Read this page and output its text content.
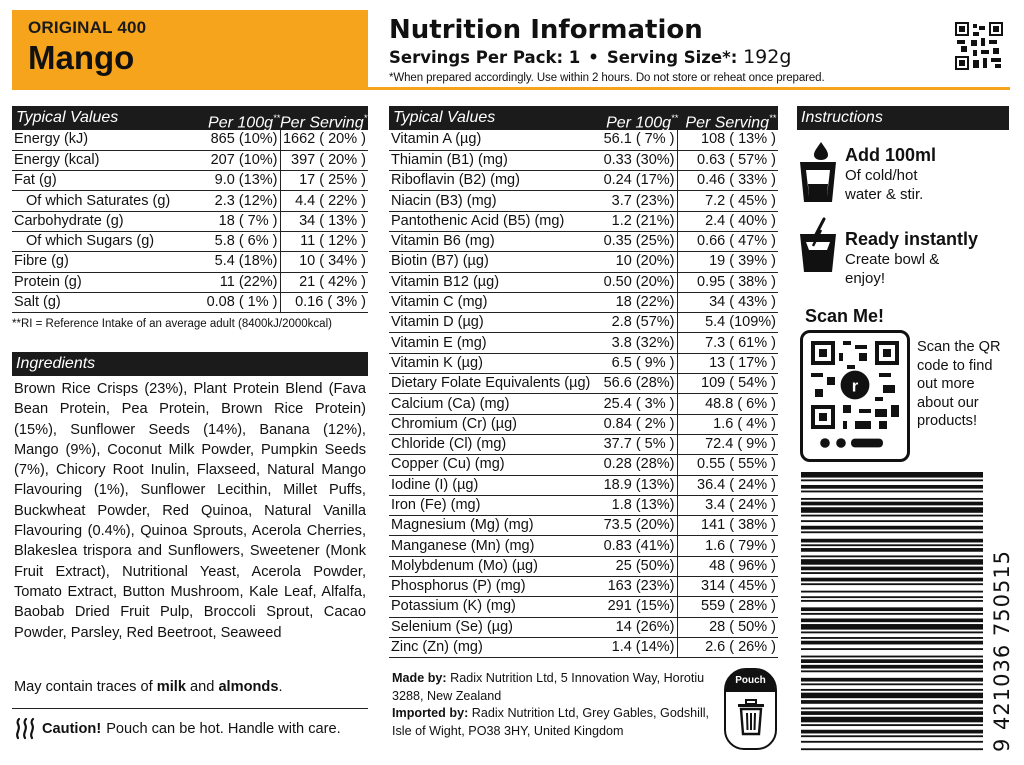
ORIGINAL 400
Mango
Nutrition Information
Servings Per Pack: 1 • Serving Size*: 192g
*When prepared accordingly. Use within 2 hours. Do not store or reheat once prepared.
Typical Values	Per 100g** Per Serving**
Energy (kJ)	865 (10%)	1662 ( 20% )
Energy (kcal)	207 (10%)	397 ( 20% )
Fat (g)	9.0 (13%)	17 ( 25% )
Of which Saturates (g)	2.3 (12%)	4.4 ( 22% )
Carbohydrate (g)	18 ( 7% )	34 ( 13% )
Of which Sugars (g)	5.8 ( 6% )	11 ( 12% )
Fibre (g)	5.4 (18%)	10 ( 34% )
Protein (g)	11 (22%)	21 ( 42% )
Salt (g)	0.08 ( 1% )	0.16 ( 3% )
**RI = Reference Intake of an average adult (8400kJ/2000kcal)
Ingredients
Brown Rice Crisps (23%), Plant Protein Blend (Fava Bean Protein, Pea Protein, Brown Rice Protein) (15%), Sunflower Seeds (14%), Banana (12%), Mango (9%), Coconut Milk Powder, Pumpkin Seeds (7%), Chicory Root Inulin, Flaxseed, Natural Mango Flavouring (1%), Sunflower Lecithin, Millet Puffs, Buckwheat Powder, Red Quinoa, Natural Vanilla Flavouring (0.4%), Quinoa Sprouts, Acerola Cherries, Blakeslea trispora and Sunflowers, Sweetener (Monk Fruit Extract), Nutritional Yeast, Acerola Powder, Tomato Extract, Button Mushroom, Kale Leaf, Alfalfa, Baobab Dried Fruit Pulp, Broccoli Sprout, Cacao Powder, Parsley, Red Beetroot, Seaweed
May contain traces of milk and almonds.
Caution! Pouch can be hot. Handle with care.
Typical Values	Per 100g** Per Serving**
Vitamin A (µg)	56.1 ( 7% )	108 ( 13% )
Thiamin (B1) (mg)	0.33 (30%)	0.63 ( 57% )
Riboflavin (B2) (mg)	0.24 (17%)	0.46 ( 33% )
Niacin (B3) (mg)	3.7 (23%)	7.2 ( 45% )
Pantothenic Acid (B5) (mg)	1.2 (21%)	2.4 ( 40% )
Vitamin B6 (mg)	0.35 (25%)	0.66 ( 47% )
Biotin (B7) (µg)	10 (20%)	19 ( 39% )
Vitamin B12 (µg)	0.50 (20%)	0.95 ( 38% )
Vitamin C (mg)	18 (22%)	34 ( 43% )
Vitamin D (µg)	2.8 (57%)	5.4 (109%)
Vitamin E (mg)	3.8 (32%)	7.3 ( 61% )
Vitamin K (µg)	6.5 ( 9% )	13 ( 17% )
Dietary Folate Equivalents (µg)	56.6 (28%)	109 ( 54% )
Calcium (Ca) (mg)	25.4 ( 3% )	48.8 ( 6% )
Chromium (Cr) (µg)	0.84 ( 2% )	1.6 ( 4% )
Chloride (Cl) (mg)	37.7 ( 5% )	72.4 ( 9% )
Copper (Cu) (mg)	0.28 (28%)	0.55 ( 55% )
Iodine (I) (µg)	18.9 (13%)	36.4 ( 24% )
Iron (Fe) (mg)	1.8 (13%)	3.4 ( 24% )
Magnesium (Mg) (mg)	73.5 (20%)	141 ( 38% )
Manganese (Mn) (mg)	0.83 (41%)	1.6 ( 79% )
Molybdenum (Mo) (µg)	25 (50%)	48 ( 96% )
Phosphorus (P) (mg)	163 (23%)	314 ( 45% )
Potassium (K) (mg)	291 (15%)	559 ( 28% )
Selenium (Se) (µg)	14 (26%)	28 ( 50% )
Zinc (Zn) (mg)	1.4 (14%)	2.6 ( 26% )
Made by: Radix Nutrition Ltd, 5 Innovation Way, Horotiu 3288, New Zealand
Imported by: Radix Nutrition Ltd, Grey Gables, Godshill, Isle of Wight, PO38 3HY, United Kingdom
Pouch
Instructions
Add 100ml
Of cold/hot water & stir.
Ready instantly
Create bowl & enjoy!
Scan Me!
r
Scan the QR code to find out more about our products!
9 421036 750515
